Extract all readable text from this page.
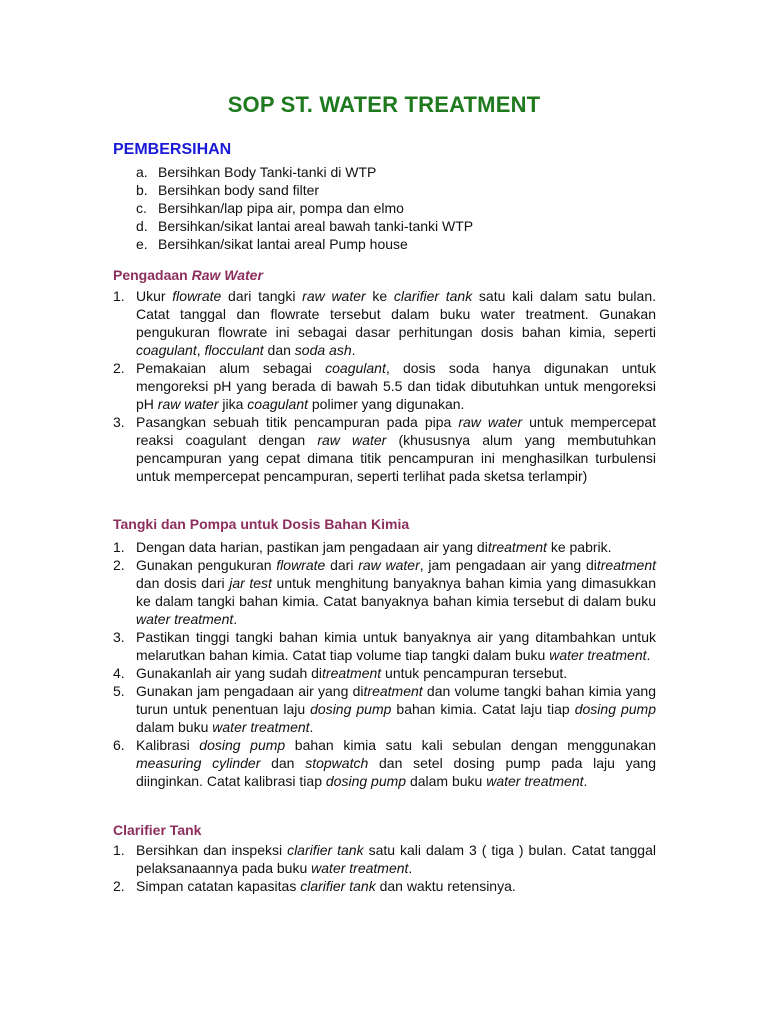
SOP ST. WATER TREATMENT
PEMBERSIHAN
a. Bersihkan Body Tanki-tanki di WTP
b. Bersihkan body sand filter
c. Bersihkan/lap pipa air, pompa dan elmo
d. Bersihkan/sikat lantai areal bawah tanki-tanki WTP
e. Bersihkan/sikat lantai areal Pump house
Pengadaan Raw Water
1. Ukur flowrate dari tangki raw water ke clarifier tank satu kali dalam satu bulan. Catat tanggal dan flowrate tersebut dalam buku water treatment. Gunakan pengukuran flowrate ini sebagai dasar perhitungan dosis bahan kimia, seperti coagulant, flocculant dan soda ash.
2. Pemakaian alum sebagai coagulant, dosis soda hanya digunakan untuk mengoreksi pH yang berada di bawah 5.5 dan tidak dibutuhkan untuk mengoreksi pH raw water jika coagulant polimer yang digunakan.
3. Pasangkan sebuah titik pencampuran pada pipa raw water untuk mempercepat reaksi coagulant dengan raw water (khususnya alum yang membutuhkan pencampuran yang cepat dimana titik pencampuran ini menghasilkan turbulensi untuk mempercepat pencampuran, seperti terlihat pada sketsa terlampir)
Tangki dan Pompa untuk Dosis Bahan Kimia
1. Dengan data harian, pastikan jam pengadaan air yang ditreatment ke pabrik.
2. Gunakan pengukuran flowrate dari raw water, jam pengadaan air yang ditreatment dan dosis dari jar test untuk menghitung banyaknya bahan kimia yang dimasukkan ke dalam tangki bahan kimia. Catat banyaknya bahan kimia tersebut di dalam buku water treatment.
3. Pastikan tinggi tangki bahan kimia untuk banyaknya air yang ditambahkan untuk melarutkan bahan kimia. Catat tiap volume tiap tangki dalam buku water treatment.
4. Gunakanlah air yang sudah ditreatment untuk pencampuran tersebut.
5. Gunakan jam pengadaan air yang ditreatment dan volume tangki bahan kimia yang turun untuk penentuan laju dosing pump bahan kimia. Catat laju tiap dosing pump dalam buku water treatment.
6. Kalibrasi dosing pump bahan kimia satu kali sebulan dengan menggunakan measuring cylinder dan stopwatch dan setel dosing pump pada laju yang diinginkan. Catat kalibrasi tiap dosing pump dalam buku water treatment.
Clarifier Tank
1. Bersihkan dan inspeksi clarifier tank satu kali dalam 3 ( tiga ) bulan. Catat tanggal pelaksanaannya pada buku water treatment.
2. Simpan catatan kapasitas clarifier tank dan waktu retensinya.
